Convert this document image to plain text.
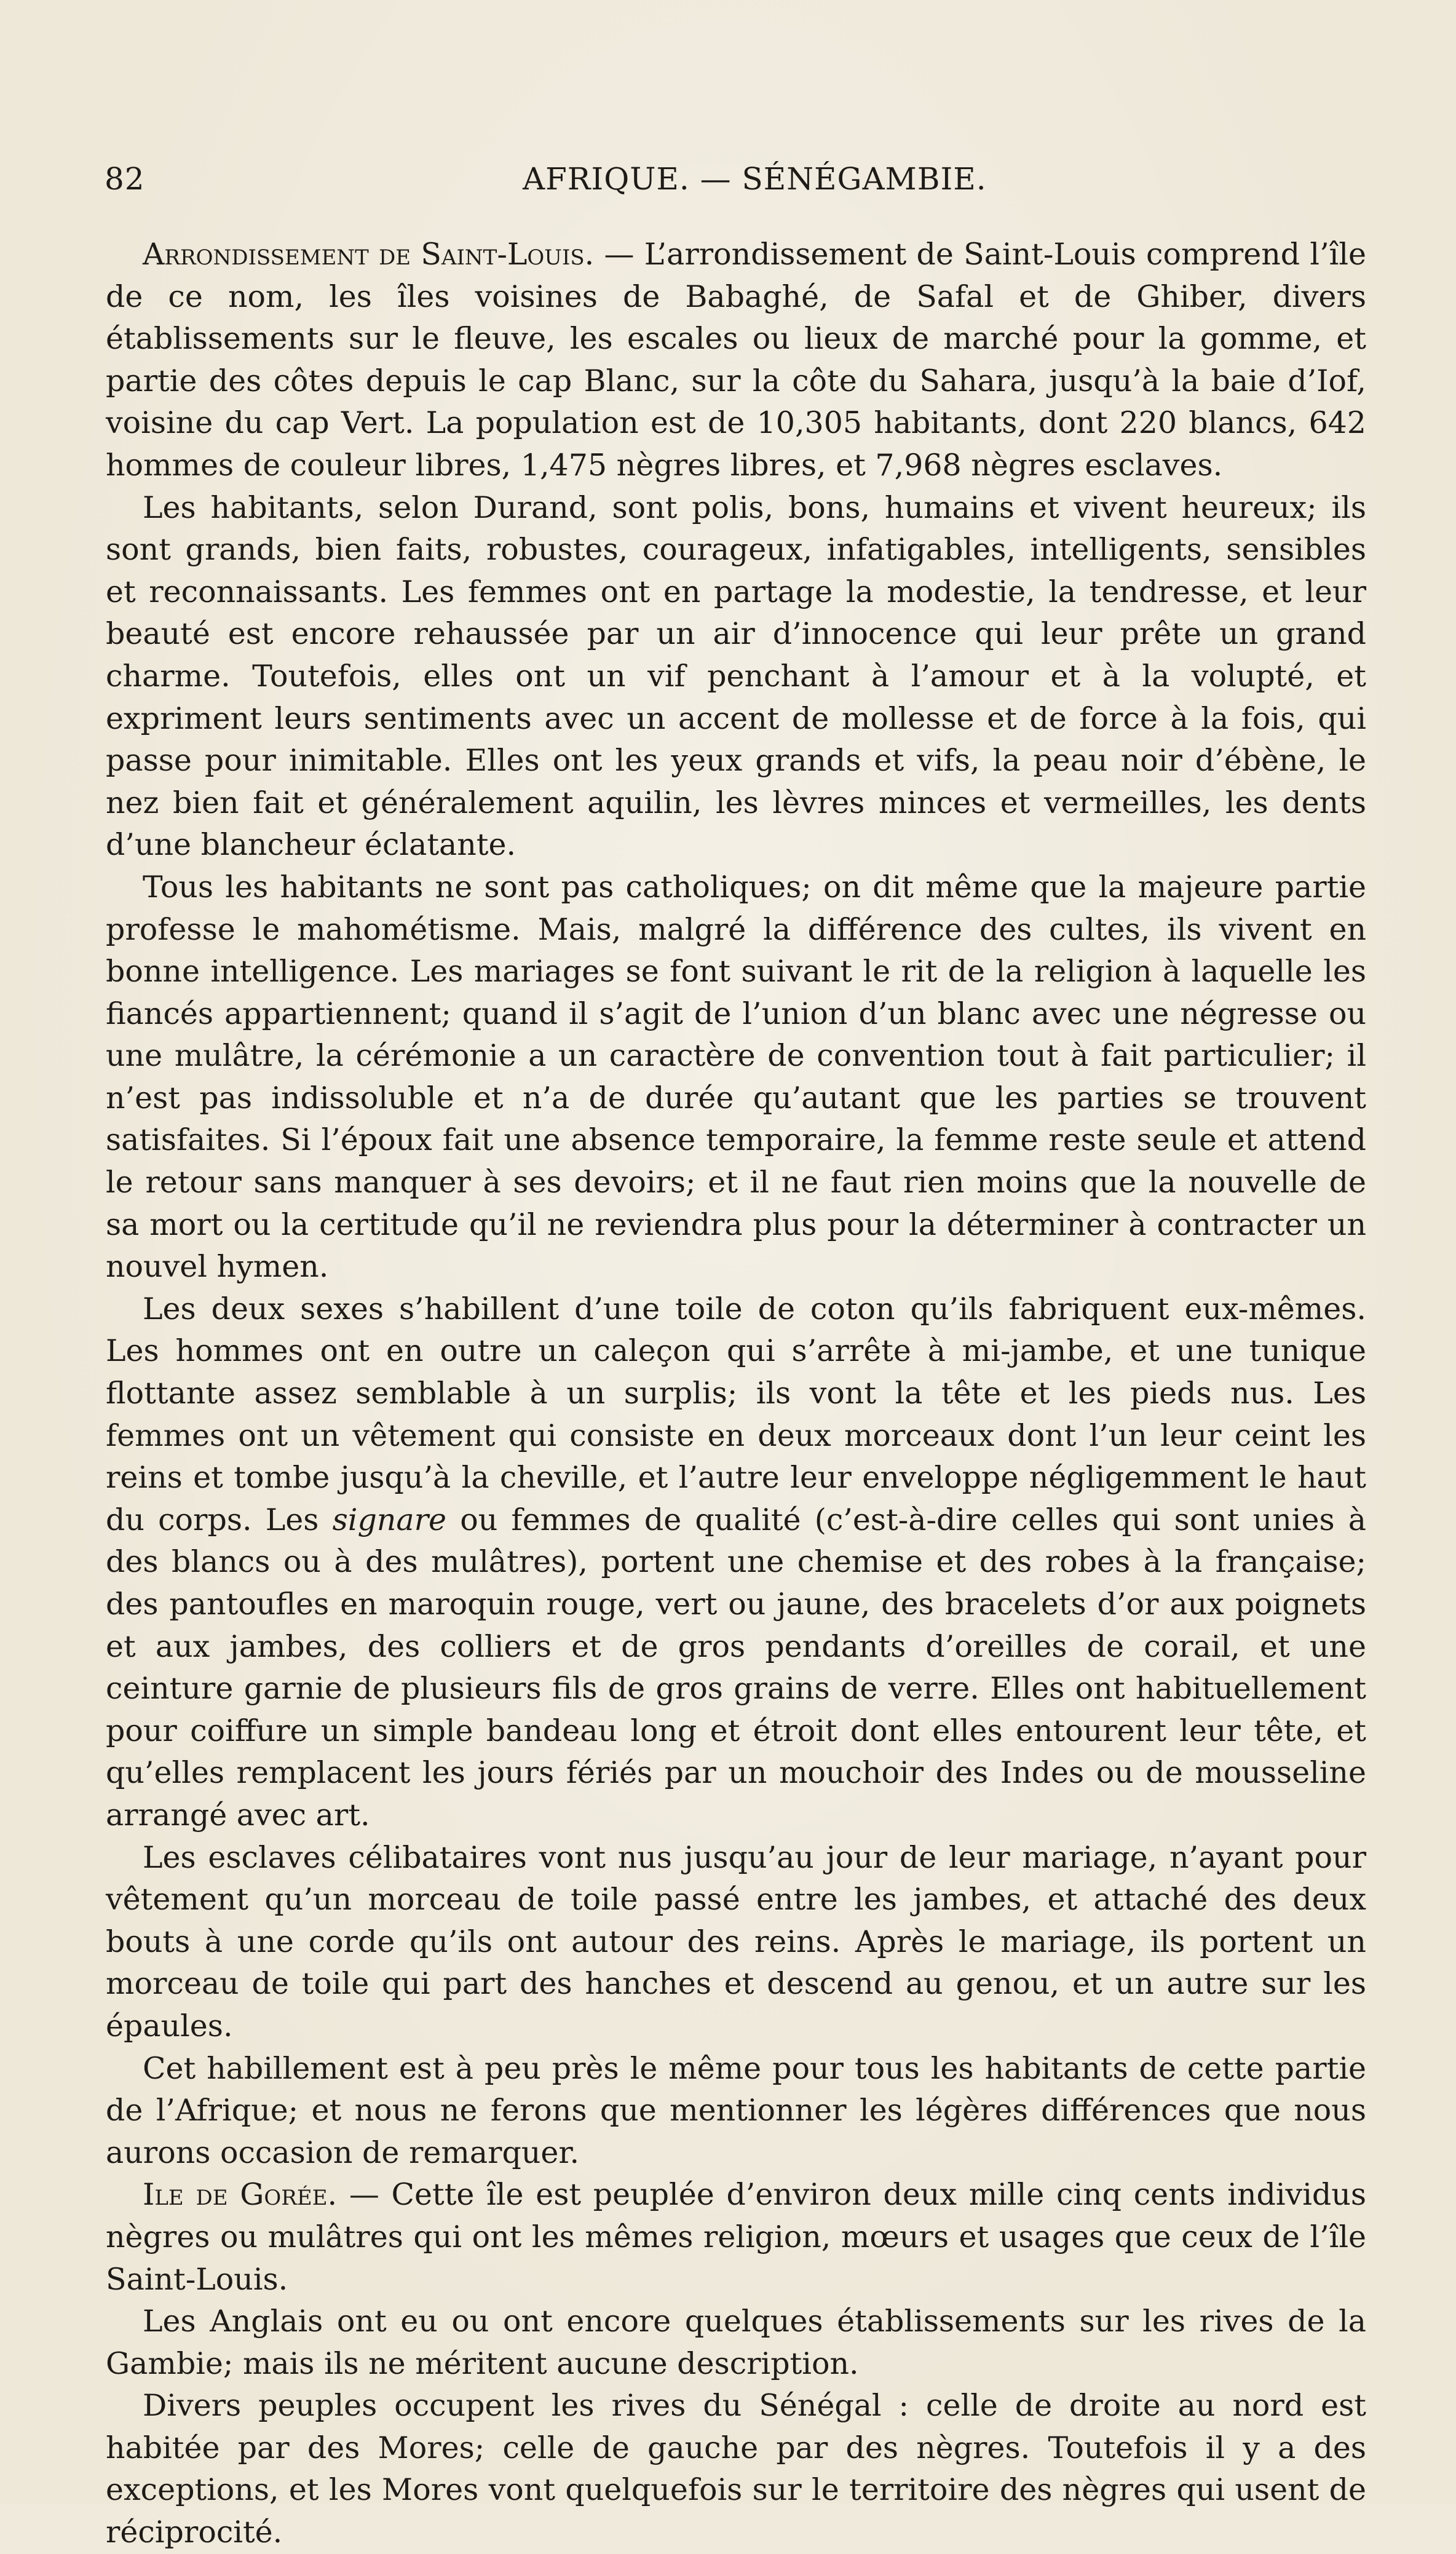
82	AFRIQUE. — SÉNÉGAMBIE.

Arrondissement de Saint-Louis. — L’arrondissement de Saint-Louis comprend l’île de ce nom, les îles voisines de Babaghé, de Safal et de Ghiber, divers établissements sur le fleuve, les escales ou lieux de marché pour la gomme, et partie des côtes depuis le cap Blanc, sur la côte du Sahara, jusqu’à la baie d’Iof, voisine du cap Vert. La population est de 10,305 habitants, dont 220 blancs, 642 hommes de couleur libres, 1,475 nègres libres, et 7,968 nègres esclaves.

Les habitants, selon Durand, sont polis, bons, humains et vivent heureux; ils sont grands, bien faits, robustes, courageux, infatigables, intelligents, sensibles et reconnaissants. Les femmes ont en partage la modestie, la tendresse, et leur beauté est encore rehaussée par un air d’innocence qui leur prête un grand charme. Toutefois, elles ont un vif penchant à l’amour et à la volupté, et expriment leurs sentiments avec un accent de mollesse et de force à la fois, qui passe pour inimitable. Elles ont les yeux grands et vifs, la peau noir d’ébène, le nez bien fait et généralement aquilin, les lèvres minces et vermeilles, les dents d’une blancheur éclatante.

Tous les habitants ne sont pas catholiques; on dit même que la majeure partie professe le mahométisme. Mais, malgré la différence des cultes, ils vivent en bonne intelligence. Les mariages se font suivant le rit de la religion à laquelle les fiancés appartiennent; quand il s’agit de l’union d’un blanc avec une négresse ou une mulâtre, la cérémonie a un caractère de convention tout à fait particulier; il n’est pas indissoluble et n’a de durée qu’autant que les parties se trouvent satisfaites. Si l’époux fait une absence temporaire, la femme reste seule et attend le retour sans manquer à ses devoirs; et il ne faut rien moins que la nouvelle de sa mort ou la certitude qu’il ne reviendra plus pour la déterminer à contracter un nouvel hymen.

Les deux sexes s’habillent d’une toile de coton qu’ils fabriquent eux-mêmes. Les hommes ont en outre un caleçon qui s’arrête à mi-jambe, et une tunique flottante assez semblable à un surplis; ils vont la tête et les pieds nus. Les femmes ont un vêtement qui consiste en deux morceaux dont l’un leur ceint les reins et tombe jusqu’à la cheville, et l’autre leur enveloppe négligemment le haut du corps. Les signare ou femmes de qualité (c’est-à-dire celles qui sont unies à des blancs ou à des mulâtres), portent une chemise et des robes à la française; des pantoufles en maroquin rouge, vert ou jaune, des bracelets d’or aux poignets et aux jambes, des colliers et de gros pendants d’oreilles de corail, et une ceinture garnie de plusieurs fils de gros grains de verre. Elles ont habituellement pour coiffure un simple bandeau long et étroit dont elles entourent leur tête, et qu’elles remplacent les jours fériés par un mouchoir des Indes ou de mousseline arrangé avec art.

Les esclaves célibataires vont nus jusqu’au jour de leur mariage, n’ayant pour vêtement qu’un morceau de toile passé entre les jambes, et attaché des deux bouts à une corde qu’ils ont autour des reins. Après le mariage, ils portent un morceau de toile qui part des hanches et descend au genou, et un autre sur les épaules.

Cet habillement est à peu près le même pour tous les habitants de cette partie de l’Afrique; et nous ne ferons que mentionner les légères différences que nous aurons occasion de remarquer.

Ile de Gorée. — Cette île est peuplée d’environ deux mille cinq cents individus nègres ou mulâtres qui ont les mêmes religion, mœurs et usages que ceux de l’île Saint-Louis.

Les Anglais ont eu ou ont encore quelques établissements sur les rives de la Gambie; mais ils ne méritent aucune description.

Divers peuples occupent les rives du Sénégal : celle de droite au nord est habitée par des Mores; celle de gauche par des nègres. Toutefois il y a des exceptions, et les Mores vont quelquefois sur le territoire des nègres qui usent de réciprocité.
